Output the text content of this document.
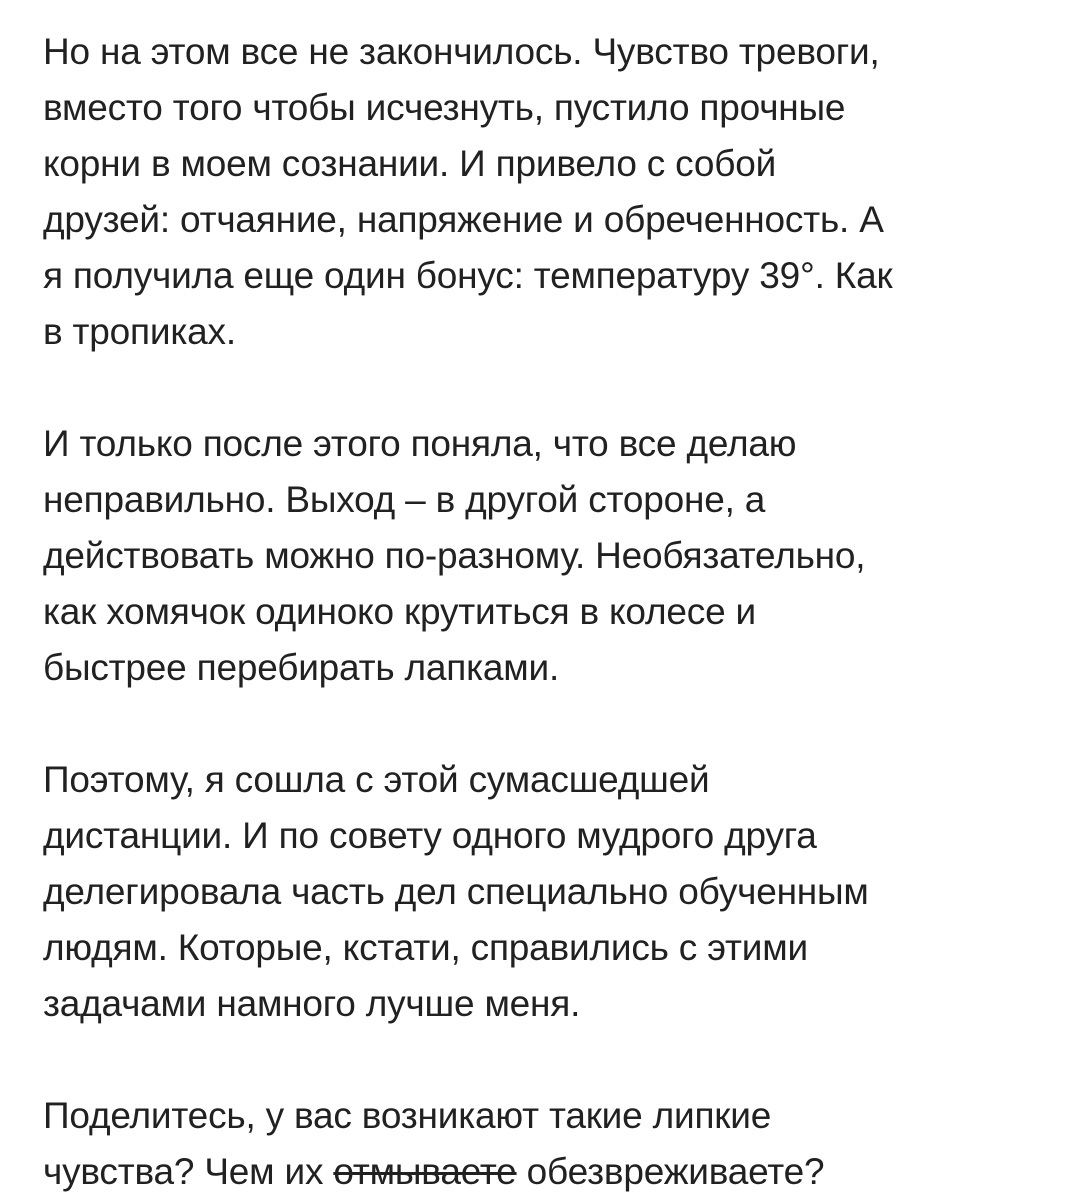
Но на этом все не закончилось. Чувство тревоги,
вместо того чтобы исчезнуть, пустило прочные
корни в моем сознании. И привело с собой
друзей: отчаяние, напряжение и обреченность. А
я получила еще один бонус: температуру 39°. Как
в тропиках.

И только после этого поняла, что все делаю
неправильно. Выход – в другой стороне, а
действовать можно по-разному. Необязательно,
как хомячок одиноко крутиться в колесе и
быстрее перебирать лапками.

Поэтому, я сошла с этой сумасшедшей
дистанции. И по совету одного мудрого друга
делегировала часть дел специально обученным
людям. Которые, кстати, справились с этими
задачами намного лучше меня.

Поделитесь, у вас возникают такие липкие
чувства? Чем их отмываете обезвреживаете?
